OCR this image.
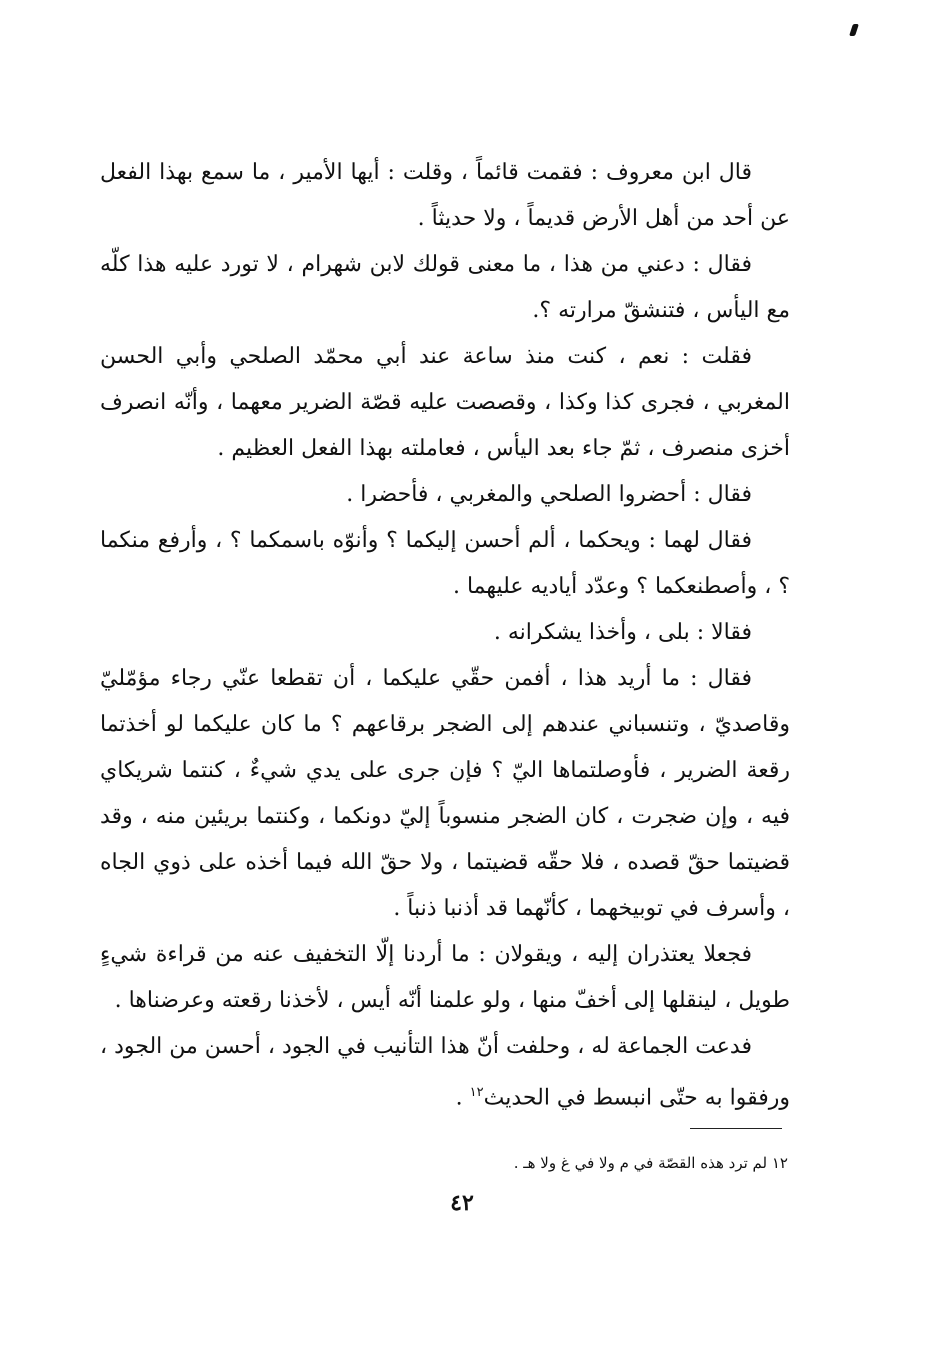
قال ابن معروف : فقمت قائماً ، وقلت : أيها الأمير ، ما سمع بهذا الفعل عن أحد من أهل الأرض قديماً ، ولا حديثاً .

فقال : دعني من هذا ، ما معنى قولك لابن شهرام ، لا تورد عليه هذا كلّه مع اليأس ، فتنشقّ مرارته ؟.

فقلت : نعم ، كنت منذ ساعة عند أبي محمّد الصلحي وأبي الحسن المغربي ، فجرى كذا وكذا ، وقصصت عليه قصّة الضرير معهما ، وأنّه انصرف أخزى منصرف ، ثمّ جاء بعد اليأس ، فعاملته بهذا الفعل العظيم .

فقال : أحضروا الصلحي والمغربي ، فأحضرا .

فقال لهما : ويحكما ، ألم أحسن إليكما ؟ وأنوّه باسمكما ؟ ، وأرفع منكما ؟ ، وأصطنعكما ؟ وعدّد أياديه عليهما .

فقالا : بلى ، وأخذا يشكرانه .

فقال : ما أريد هذا ، أفمن حقّي عليكما ، أن تقطعا عنّي رجاء مؤمّليّ وقاصديّ ، وتنسباني عندهم إلى الضجر برقاعهم ؟ ما كان عليكما لو أخذتما رقعة الضرير ، فأوصلتماها اليّ ؟ فإن جرى على يدي شيءٌ ، كنتما شريكاي فيه ، وإن ضجرت ، كان الضجر منسوباً إليّ دونكما ، وكنتما بريئين منه ، وقد قضيتما حقّ قصده ، فلا حقّه قضيتما ، ولا حقّ الله فيما أخذه على ذوي الجاه ، وأسرف في توبيخهما ، كأنّهما قد أذنبا ذنباً .

فجعلا يعتذران إليه ، ويقولان : ما أردنا إلّا التخفيف عنه من قراءة شيءٍ طويل ، لينقلها إلى أخفّ منها ، ولو علمنا أنّه أيس ، لأخذنا رقعته وعرضناها .

فدعت الجماعة له ، وحلفت أنّ هذا التأنيب في الجود ، أحسن من الجود ، ورفقوا به حتّى انبسط في الحديث$^{١٢}$ .

١٢ لم ترد هذه القصّة في م ولا في غ ولا هـ .
٤٢
